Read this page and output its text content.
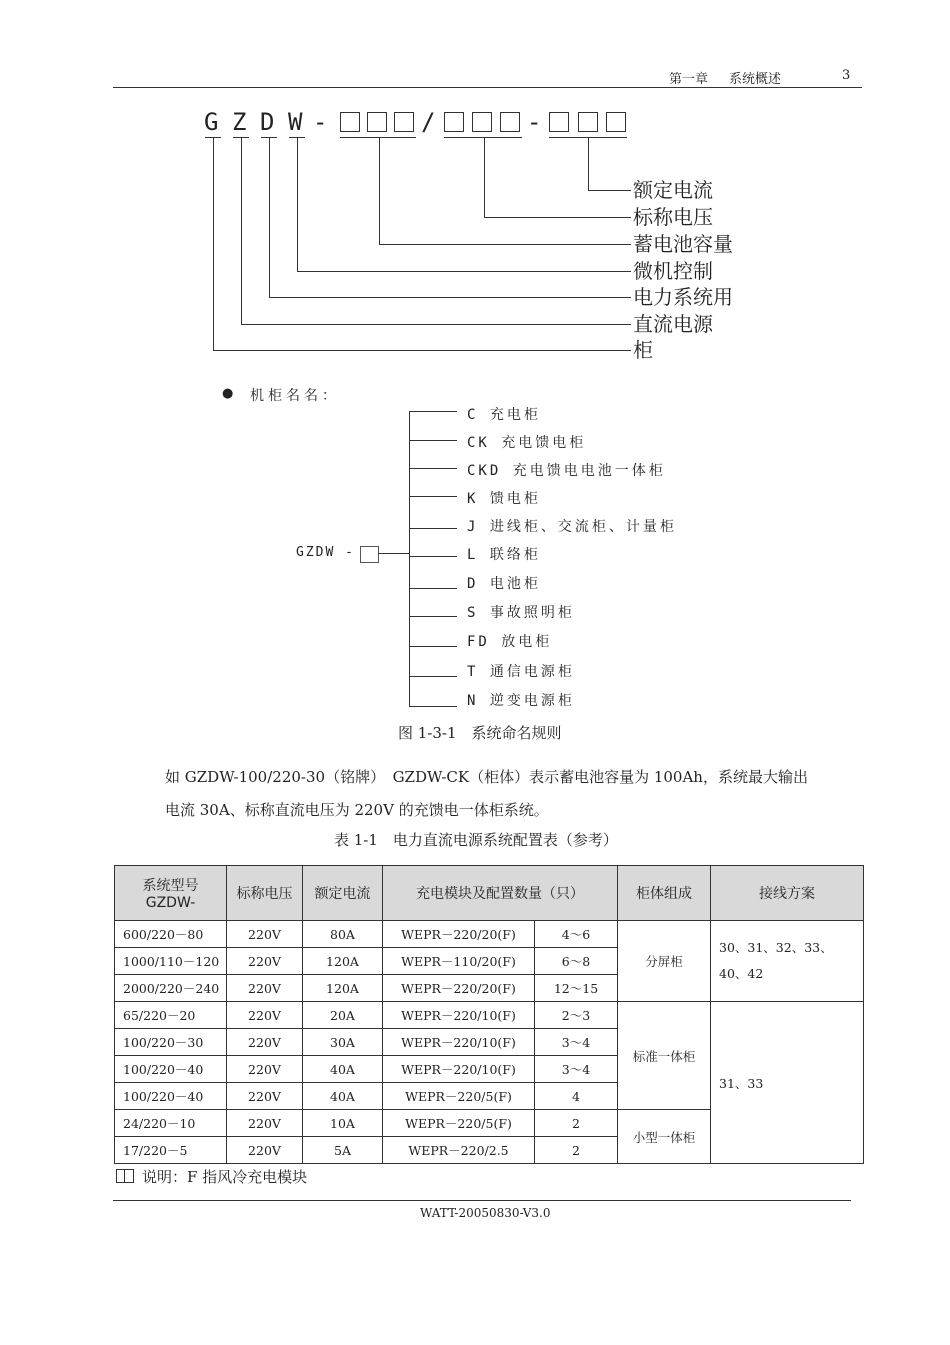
第一章 系统概述	3
G Z D W -	/	-
额定电流
标称电压
蓄电池容量
微机控制
电力系统用
直流电源
柜
● 机柜名名：
GZDW -
C 充电柜
CK 充电馈电柜
CKD 充电馈电电池一体柜
K 馈电柜
J 进线柜、交流柜、计量柜
L 联络柜
D 电池柜
S 事故照明柜
FD 放电柜
T 通信电源柜
N 逆变电源柜
图 1-3-1　系统命名规则
如 GZDW-100/220-30（铭牌）　GZDW-CK（柜体）表示蓄电池容量为 100Ah，系统最大输出
电流 30A、标称直流电压为 220V 的充馈电一体柜系统。
表 1-1　电力直流电源系统配置表（参考）
系统型号
GZDW-	标称电压	额定电流	充电模块及配置数量（只）		柜体组成	接线方案
600/220－80	220V	80A	WEPR－220/20(F)	4～6	分屏柜	30、31、32、33、40、42
1000/110－120	220V	120A	WEPR－110/20(F)	6～8		
2000/220－240	220V	120A	WEPR－220/20(F)	12～15		
65/220－20	220V	20A	WEPR－220/10(F)	2～3	标准一体柜	31、33
100/220－30	220V	30A	WEPR－220/10(F)	3～4		
100/220－40	220V	40A	WEPR－220/10(F)	3～4		
100/220－40	220V	40A	WEPR－220/5(F)	4		
24/220－10	220V	10A	WEPR－220/5(F)	2	小型一体柜	
17/220－5	220V	5A	WEPR－220/2.5	2		
说明：F 指风冷充电模块
WATT-20050830-V3.0
